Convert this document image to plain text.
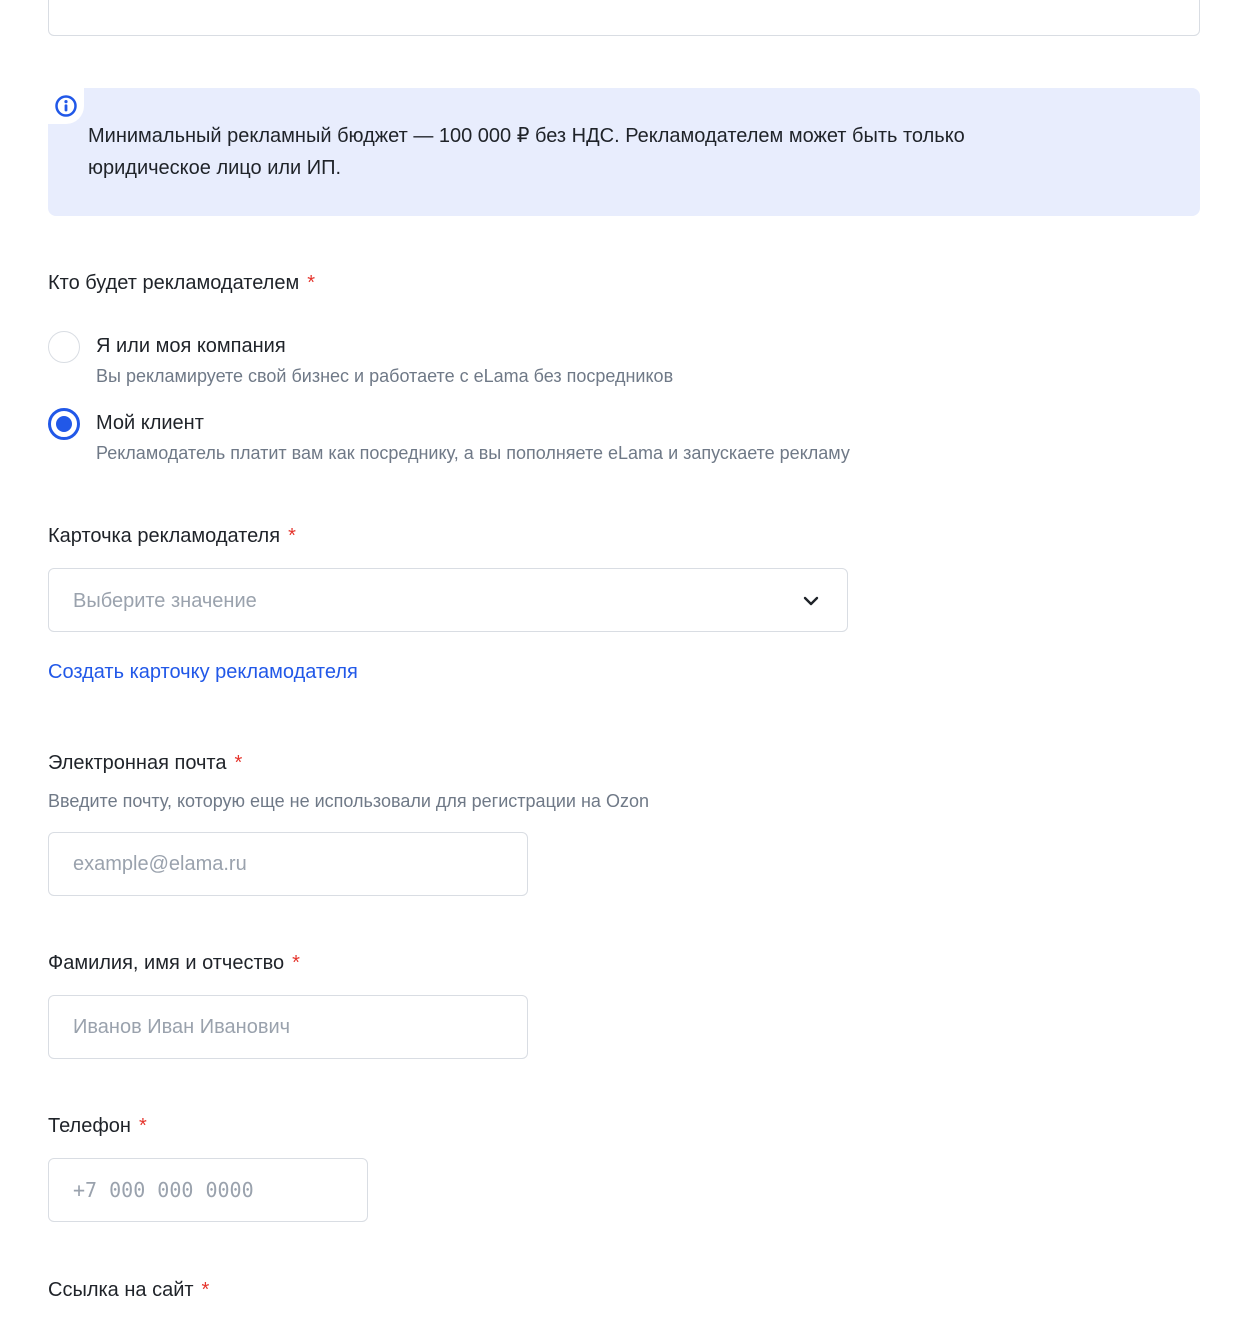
Минимальный рекламный бюджет — 100 000 ₽ без НДС. Рекламодателем может быть только юридическое лицо или ИП.
Кто будет рекламодателем *
Я или моя компания
Вы рекламируете свой бизнес и работаете с eLama без посредников
Мой клиент
Рекламодатель платит вам как посреднику, а вы пополняете eLama и запускаете рекламу
Карточка рекламодателя *
Выберите значение
Создать карточку рекламодателя
Электронная почта *
Введите почту, которую еще не использовали для регистрации на Ozon
example@elama.ru
Фамилия, имя и отчество *
Иванов Иван Иванович
Телефон *
+7 000 000 0000
Ссылка на сайт *
